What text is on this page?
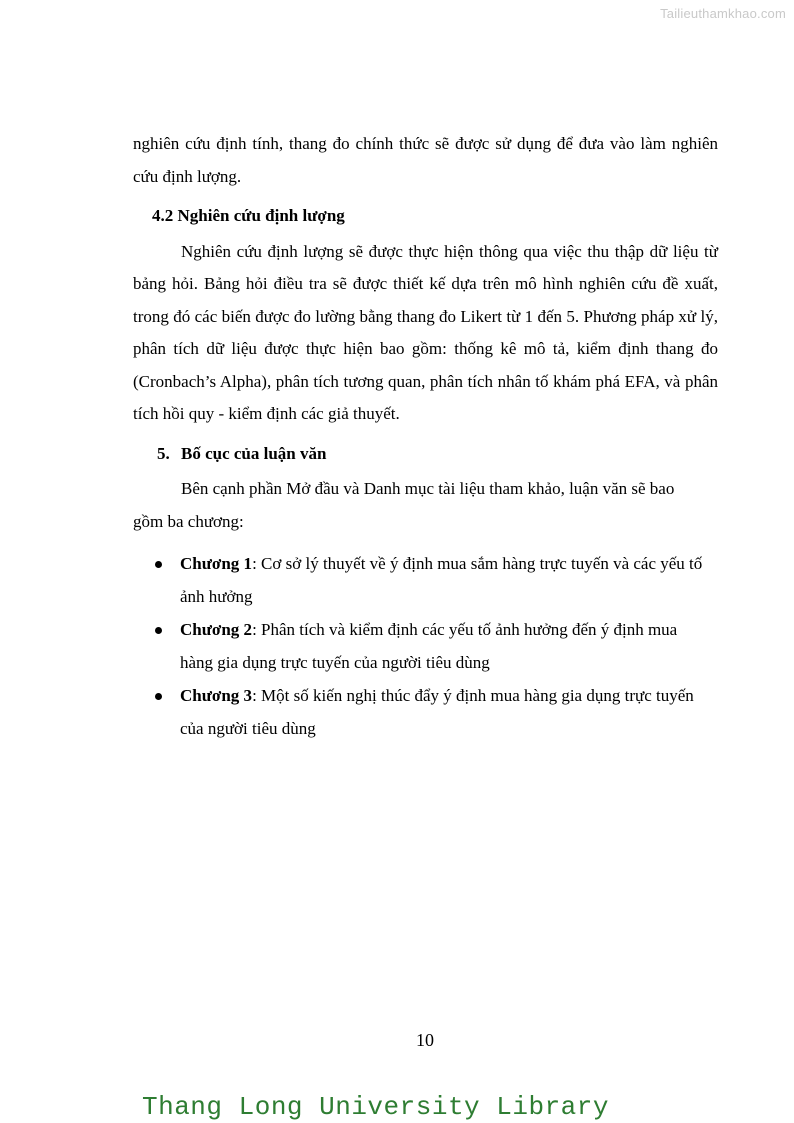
Tailieuthamkhao.com

nghiên cứu định tính, thang đo chính thức sẽ được sử dụng để đưa vào làm nghiên cứu định lượng.

4.2 Nghiên cứu định lượng

Nghiên cứu định lượng sẽ được thực hiện thông qua việc thu thập dữ liệu từ bảng hỏi. Bảng hỏi điều tra sẽ được thiết kế dựa trên mô hình nghiên cứu đề xuất, trong đó các biến được đo lường bằng thang đo Likert từ 1 đến 5. Phương pháp xử lý, phân tích dữ liệu được thực hiện bao gồm: thống kê mô tả, kiểm định thang đo (Cronbach’s Alpha), phân tích tương quan, phân tích nhân tố khám phá EFA, và phân tích hồi quy - kiểm định các giả thuyết.

5. Bố cục của luận văn

Bên cạnh phần Mở đầu và Danh mục tài liệu tham khảo, luận văn sẽ bao gồm ba chương:

Chương 1: Cơ sở lý thuyết về ý định mua sắm hàng trực tuyến và các yếu tố ảnh hưởng
Chương 2: Phân tích và kiểm định các yếu tố ảnh hưởng đến ý định mua hàng gia dụng trực tuyến của người tiêu dùng
Chương 3: Một số kiến nghị thúc đẩy ý định mua hàng gia dụng trực tuyến của người tiêu dùng
10
Thang Long University Library
